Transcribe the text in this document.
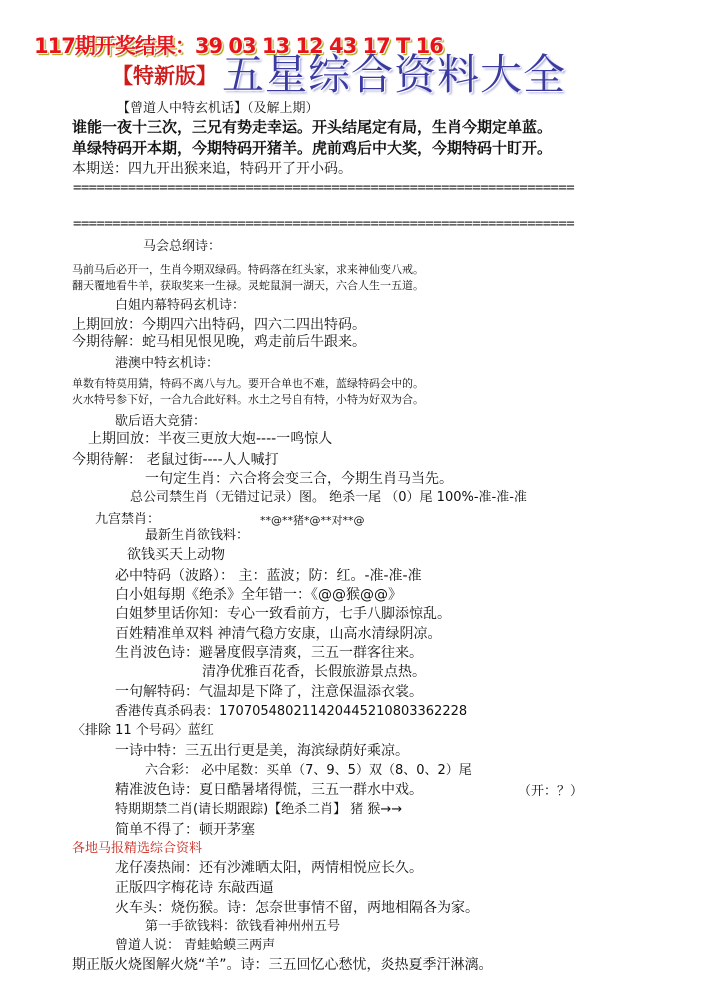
117期开奖结果：39 03 13 12 43 17 T 16
【特新版】 五星综合资料大全
【曾道人中特玄机话】（及解上期）
谁能一夜十三次，三兄有势走幸运。开头结尾定有局，生肖今期定单蓝。
单绿特码开本期，今期特码开猪羊。虎前鸡后中大奖，今期特码十盯开。
本期送：四九开出猴来追，特码开了开小码。
================================================================
================================================================
马会总纲诗：
马前马后必开一，生肖今期双绿码。特码落在红头家，求来神仙变八戒。
翻天覆地看牛羊，获取奖来一生禄。灵蛇鼠洞一湖天，六合人生一五道。
白姐内幕特码玄机诗：
上期回放：今期四六出特码，四六二四出特码。
今期待解：蛇马相见恨见晚，鸡走前后牛跟来。
港澳中特玄机诗：
单数有特莫用猜，特码不离八与九。要开合单也不难，蓝绿特码会中的。
火水特号参下好，一合九合此好料。水土之号自有特，小特为好双为合。
歇后语大竞猜：
上期回放：半夜三更放大炮----一鸣惊人
今期待解： 老鼠过街----人人喊打
一句定生肖：六合将会变三合，今期生肖马当先。
总公司禁生肖（无错过记录）图。 绝杀一尾 （0）尾 100%-准-准-准
九宫禁肖：	**@**猪*@**对**@
最新生肖欲钱料：
欲钱买天上动物
必中特码（波路）： 主：蓝波；防：红。-准-准-准
白小姐每期《绝杀》全年错一：《@@猴@@》
白姐梦里话你知：专心一致看前方，七手八脚添惊乱。
百姓精准单双料 神清气稳方安康，山高水清绿阴凉。
生肖波色诗：避暑度假享清爽，三五一群客往来。
清净优雅百花香，长假旅游景点热。
一句解特码：气温却是下降了，注意保温添衣裳。
香港传真杀码表：17070548021142044521080336222​8
〈排除 11 个号码〉蓝红
一诗中特：三五出行更是美，海滨绿荫好乘凉。
六合彩： 必中尾数：买单（7、9、5）双（8、0、2）尾
精准波色诗：夏日酷暑堵得慌，三五一群水中戏。	（开：？）
特期期禁二肖(请长期跟踪)【绝杀二肖】 猪 猴→→
简单不得了：顿开茅塞
各地马报精选综合资料
龙仔凑热闹：还有沙滩晒太阳，两情相悦应长久。
正版四字梅花诗 东敲西逼
火车头：烧伤猴。诗：怎奈世事情不留，两地相隔各为家。
第一手欲钱料：欲钱看神州州五号
曾道人说： 青蛙蛤蟆三两声
期正版火烧图解火烧“羊”。诗：三五回忆心愁忧，炎热夏季汗淋漓。
